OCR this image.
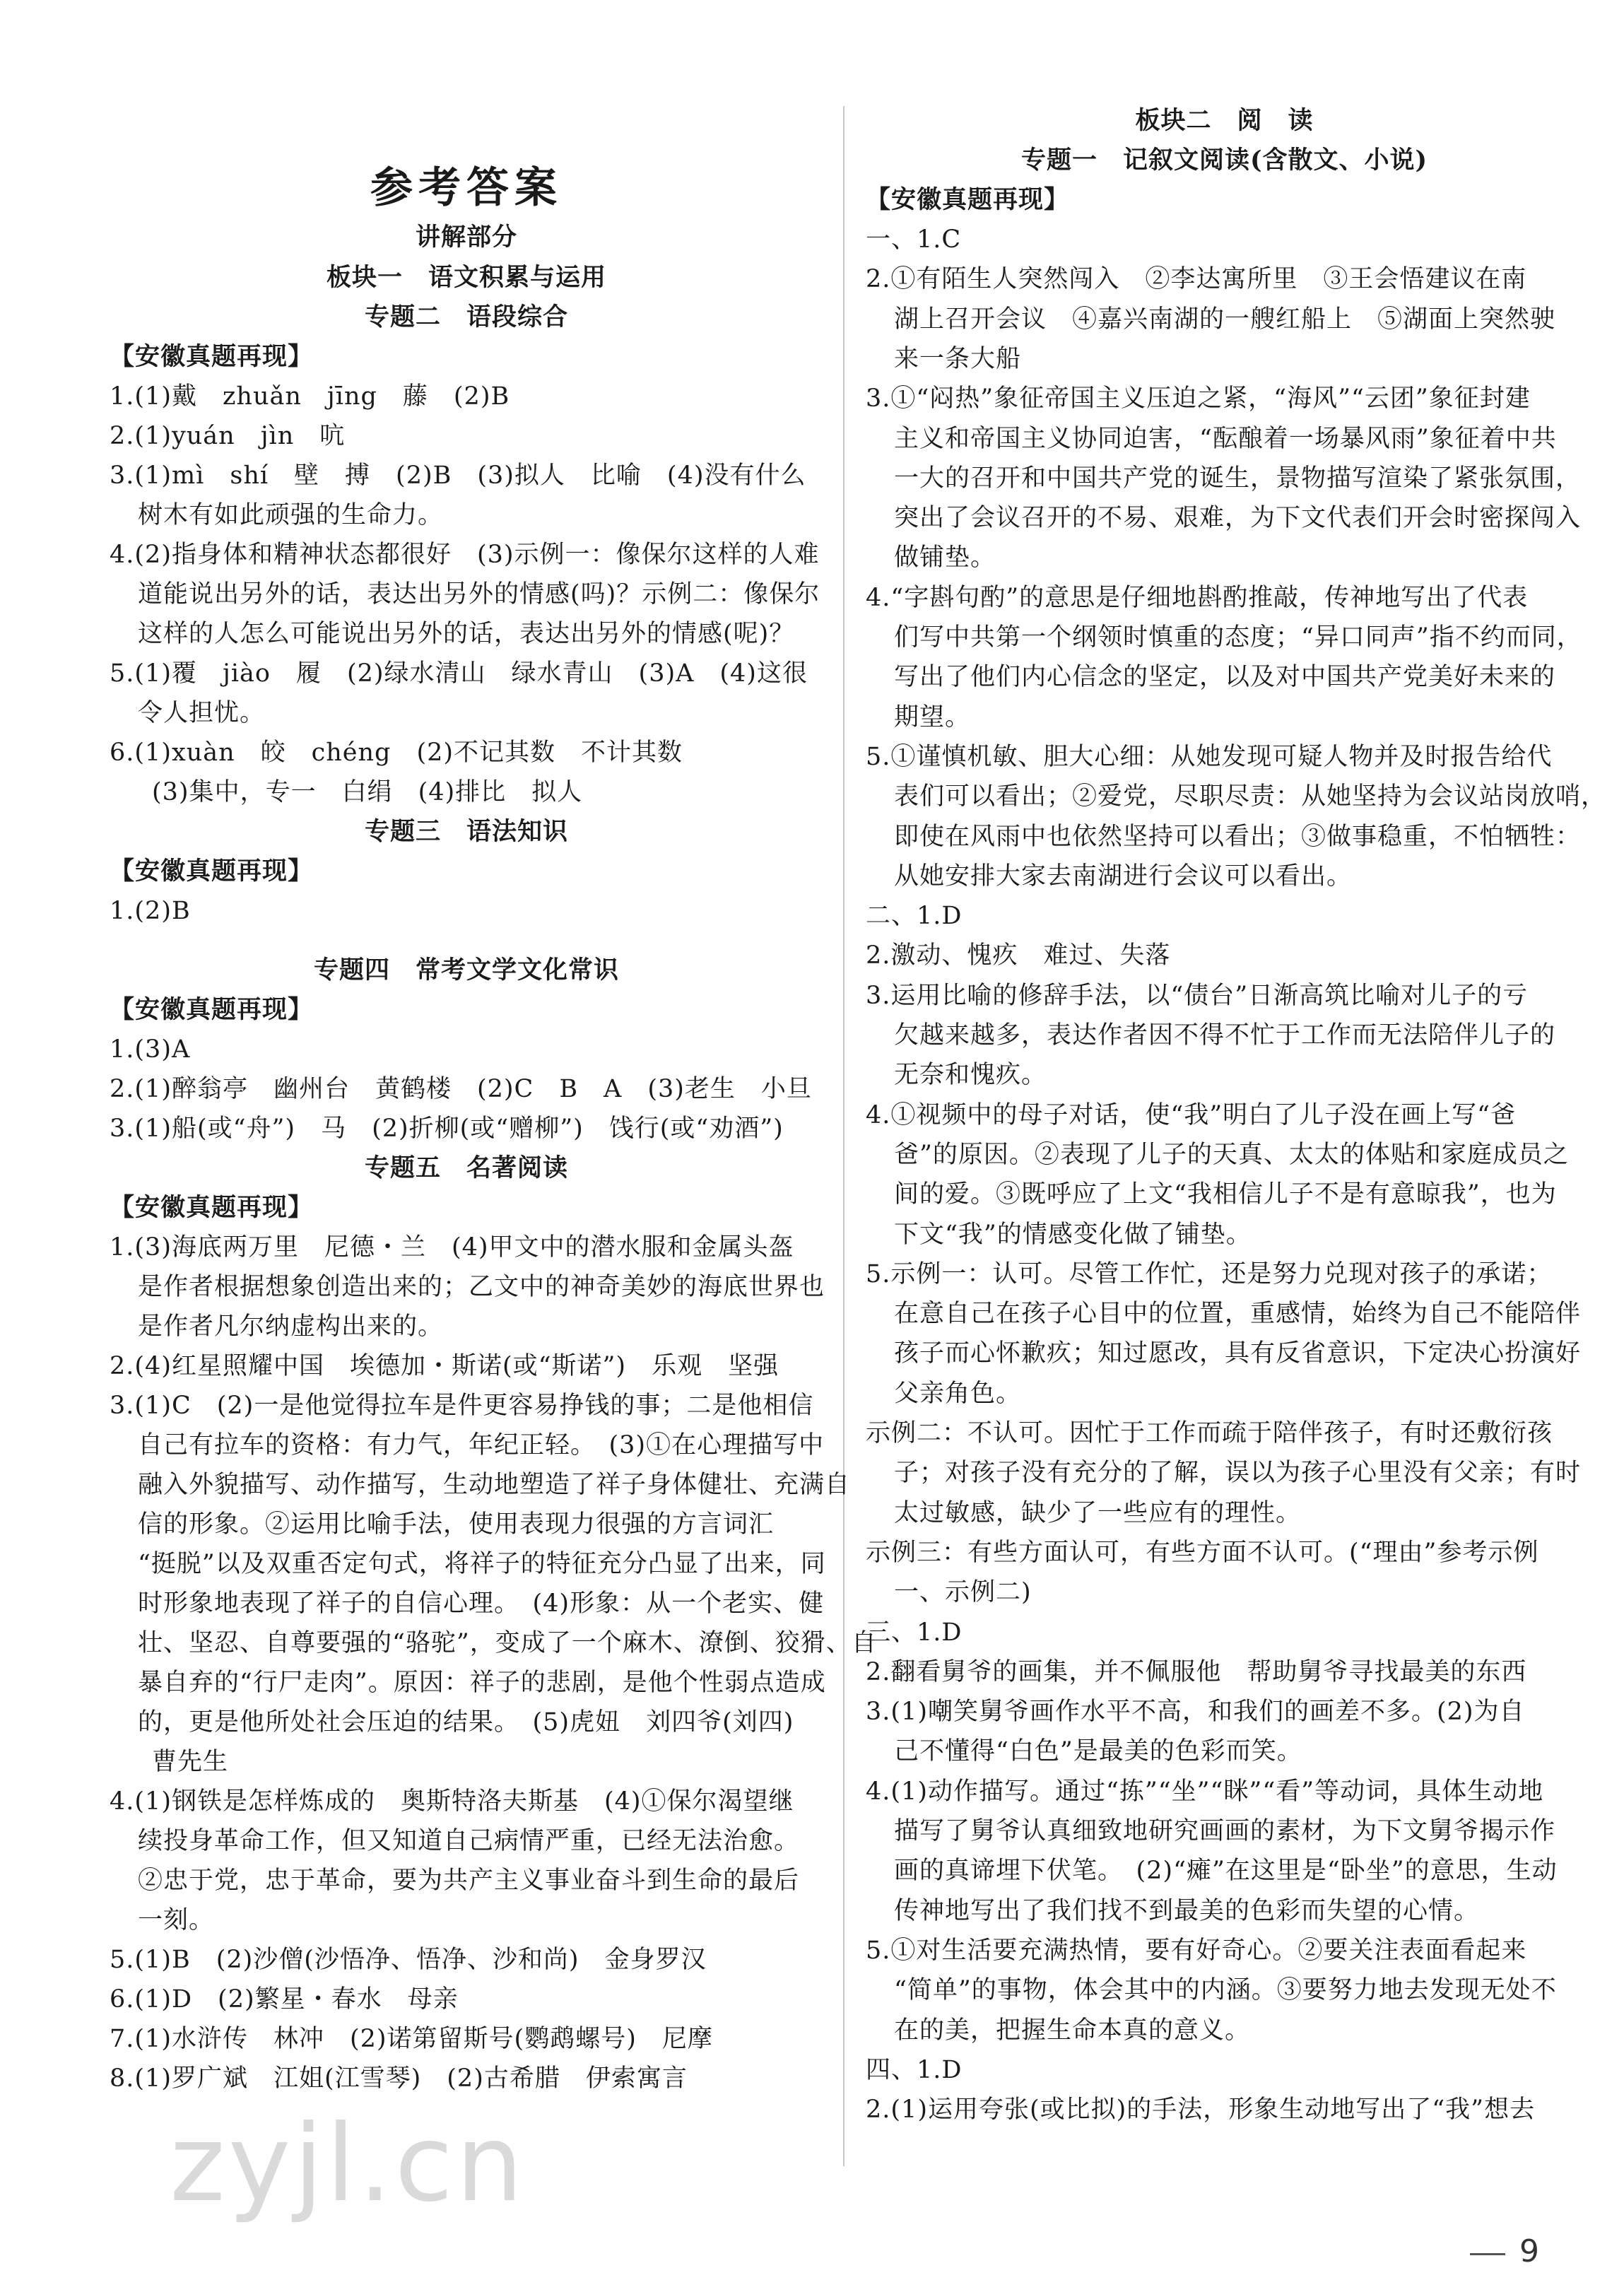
参考答案
讲解部分
板块一　语文积累与运用
专题二　语段综合
【安徽真题再现】
1.(1)戴　zhuǎn　jīng　藤　(2)B
2.(1)yuán　jìn　吭
3.(1)mì　shí　壁　搏　(2)B　(3)拟人　比喻　(4)没有什么
树木有如此顽强的生命力。
4.(2)指身体和精神状态都很好　(3)示例一：像保尔这样的人难
道能说出另外的话，表达出另外的情感(吗)？示例二：像保尔
这样的人怎么可能说出另外的话，表达出另外的情感(呢)？
5.(1)覆　jiào　履　(2)绿水清山　绿水青山　(3)A　(4)这很
令人担忧。
6.(1)xuàn　皎　chéng　(2)不记其数　不计其数
(3)集中，专一　白绢　(4)排比　拟人
专题三　语法知识
【安徽真题再现】
1.(2)B
专题四　常考文学文化常识
【安徽真题再现】
1.(3)A
2.(1)醉翁亭　幽州台　黄鹤楼　(2)C　B　A　(3)老生　小旦
3.(1)船(或“舟”)　马　(2)折柳(或“赠柳”)　饯行(或“劝酒”)
专题五　名著阅读
【安徽真题再现】
1.(3)海底两万里　尼德・兰　(4)甲文中的潜水服和金属头盔
是作者根据想象创造出来的；乙文中的神奇美妙的海底世界也
是作者凡尔纳虚构出来的。
2.(4)红星照耀中国　埃德加・斯诺(或“斯诺”)　乐观　坚强
3.(1)C　(2)一是他觉得拉车是件更容易挣钱的事；二是他相信
自己有拉车的资格：有力气，年纪正轻。　(3)①在心理描写中
融入外貌描写、动作描写，生动地塑造了祥子身体健壮、充满自
信的形象。②运用比喻手法，使用表现力很强的方言词汇
“挺脱”以及双重否定句式，将祥子的特征充分凸显了出来，同
时形象地表现了祥子的自信心理。　(4)形象：从一个老实、健
壮、坚忍、自尊要强的“骆驼”，变成了一个麻木、潦倒、狡猾、自
暴自弃的“行尸走肉”。原因：祥子的悲剧，是他个性弱点造成
的，更是他所处社会压迫的结果。　(5)虎妞　刘四爷(刘四)
曹先生
4.(1)钢铁是怎样炼成的　奥斯特洛夫斯基　(4)①保尔渴望继
续投身革命工作，但又知道自己病情严重，已经无法治愈。
②忠于党，忠于革命，要为共产主义事业奋斗到生命的最后
一刻。
5.(1)B　(2)沙僧(沙悟净、悟净、沙和尚)　金身罗汉
6.(1)D　(2)繁星・春水　母亲
7.(1)水浒传　林冲　(2)诺第留斯号(鹦鹉螺号)　尼摩
8.(1)罗广斌　江姐(江雪琴)　(2)古希腊　伊索寓言
板块二　阅　读
专题一　记叙文阅读(含散文、小说)
【安徽真题再现】
一、1.C
2.①有陌生人突然闯入　②李达寓所里　③王会悟建议在南
湖上召开会议　④嘉兴南湖的一艘红船上　⑤湖面上突然驶
来一条大船
3.①“闷热”象征帝国主义压迫之紧，“海风”“云团”象征封建
主义和帝国主义协同迫害，“酝酿着一场暴风雨”象征着中共
一大的召开和中国共产党的诞生，景物描写渲染了紧张氛围，
突出了会议召开的不易、艰难，为下文代表们开会时密探闯入
做铺垫。
4.“字斟句酌”的意思是仔细地斟酌推敲，传神地写出了代表
们写中共第一个纲领时慎重的态度；“异口同声”指不约而同，
写出了他们内心信念的坚定，以及对中国共产党美好未来的
期望。
5.①谨慎机敏、胆大心细：从她发现可疑人物并及时报告给代
表们可以看出；②爱党，尽职尽责：从她坚持为会议站岗放哨，
即使在风雨中也依然坚持可以看出；③做事稳重，不怕牺牲：
从她安排大家去南湖进行会议可以看出。
二、1.D
2.激动、愧疚　难过、失落
3.运用比喻的修辞手法，以“债台”日渐高筑比喻对儿子的亏
欠越来越多，表达作者因不得不忙于工作而无法陪伴儿子的
无奈和愧疚。
4.①视频中的母子对话，使“我”明白了儿子没在画上写“爸
爸”的原因。②表现了儿子的天真、太太的体贴和家庭成员之
间的爱。③既呼应了上文“我相信儿子不是有意晾我”，也为
下文“我”的情感变化做了铺垫。
5.示例一：认可。尽管工作忙，还是努力兑现对孩子的承诺；
在意自己在孩子心目中的位置，重感情，始终为自己不能陪伴
孩子而心怀歉疚；知过愿改，具有反省意识，下定决心扮演好
父亲角色。
示例二：不认可。因忙于工作而疏于陪伴孩子，有时还敷衍孩
子；对孩子没有充分的了解，误以为孩子心里没有父亲；有时
太过敏感，缺少了一些应有的理性。
示例三：有些方面认可，有些方面不认可。(“理由”参考示例
一、示例二)
三、1.D
2.翻看舅爷的画集，并不佩服他　帮助舅爷寻找最美的东西
3.(1)嘲笑舅爷画作水平不高，和我们的画差不多。(2)为自
己不懂得“白色”是最美的色彩而笑。
4.(1)动作描写。通过“拣”“坐”“眯”“看”等动词，具体生动地
描写了舅爷认真细致地研究画画的素材，为下文舅爷揭示作
画的真谛埋下伏笔。　(2)“瘫”在这里是“卧坐”的意思，生动
传神地写出了我们找不到最美的色彩而失望的心情。
5.①对生活要充满热情，要有好奇心。②要关注表面看起来
“简单”的事物，体会其中的内涵。③要努力地去发现无处不
在的美，把握生命本真的意义。
四、1.D
2.(1)运用夸张(或比拟)的手法，形象生动地写出了“我”想去
zyjl.cn
9
